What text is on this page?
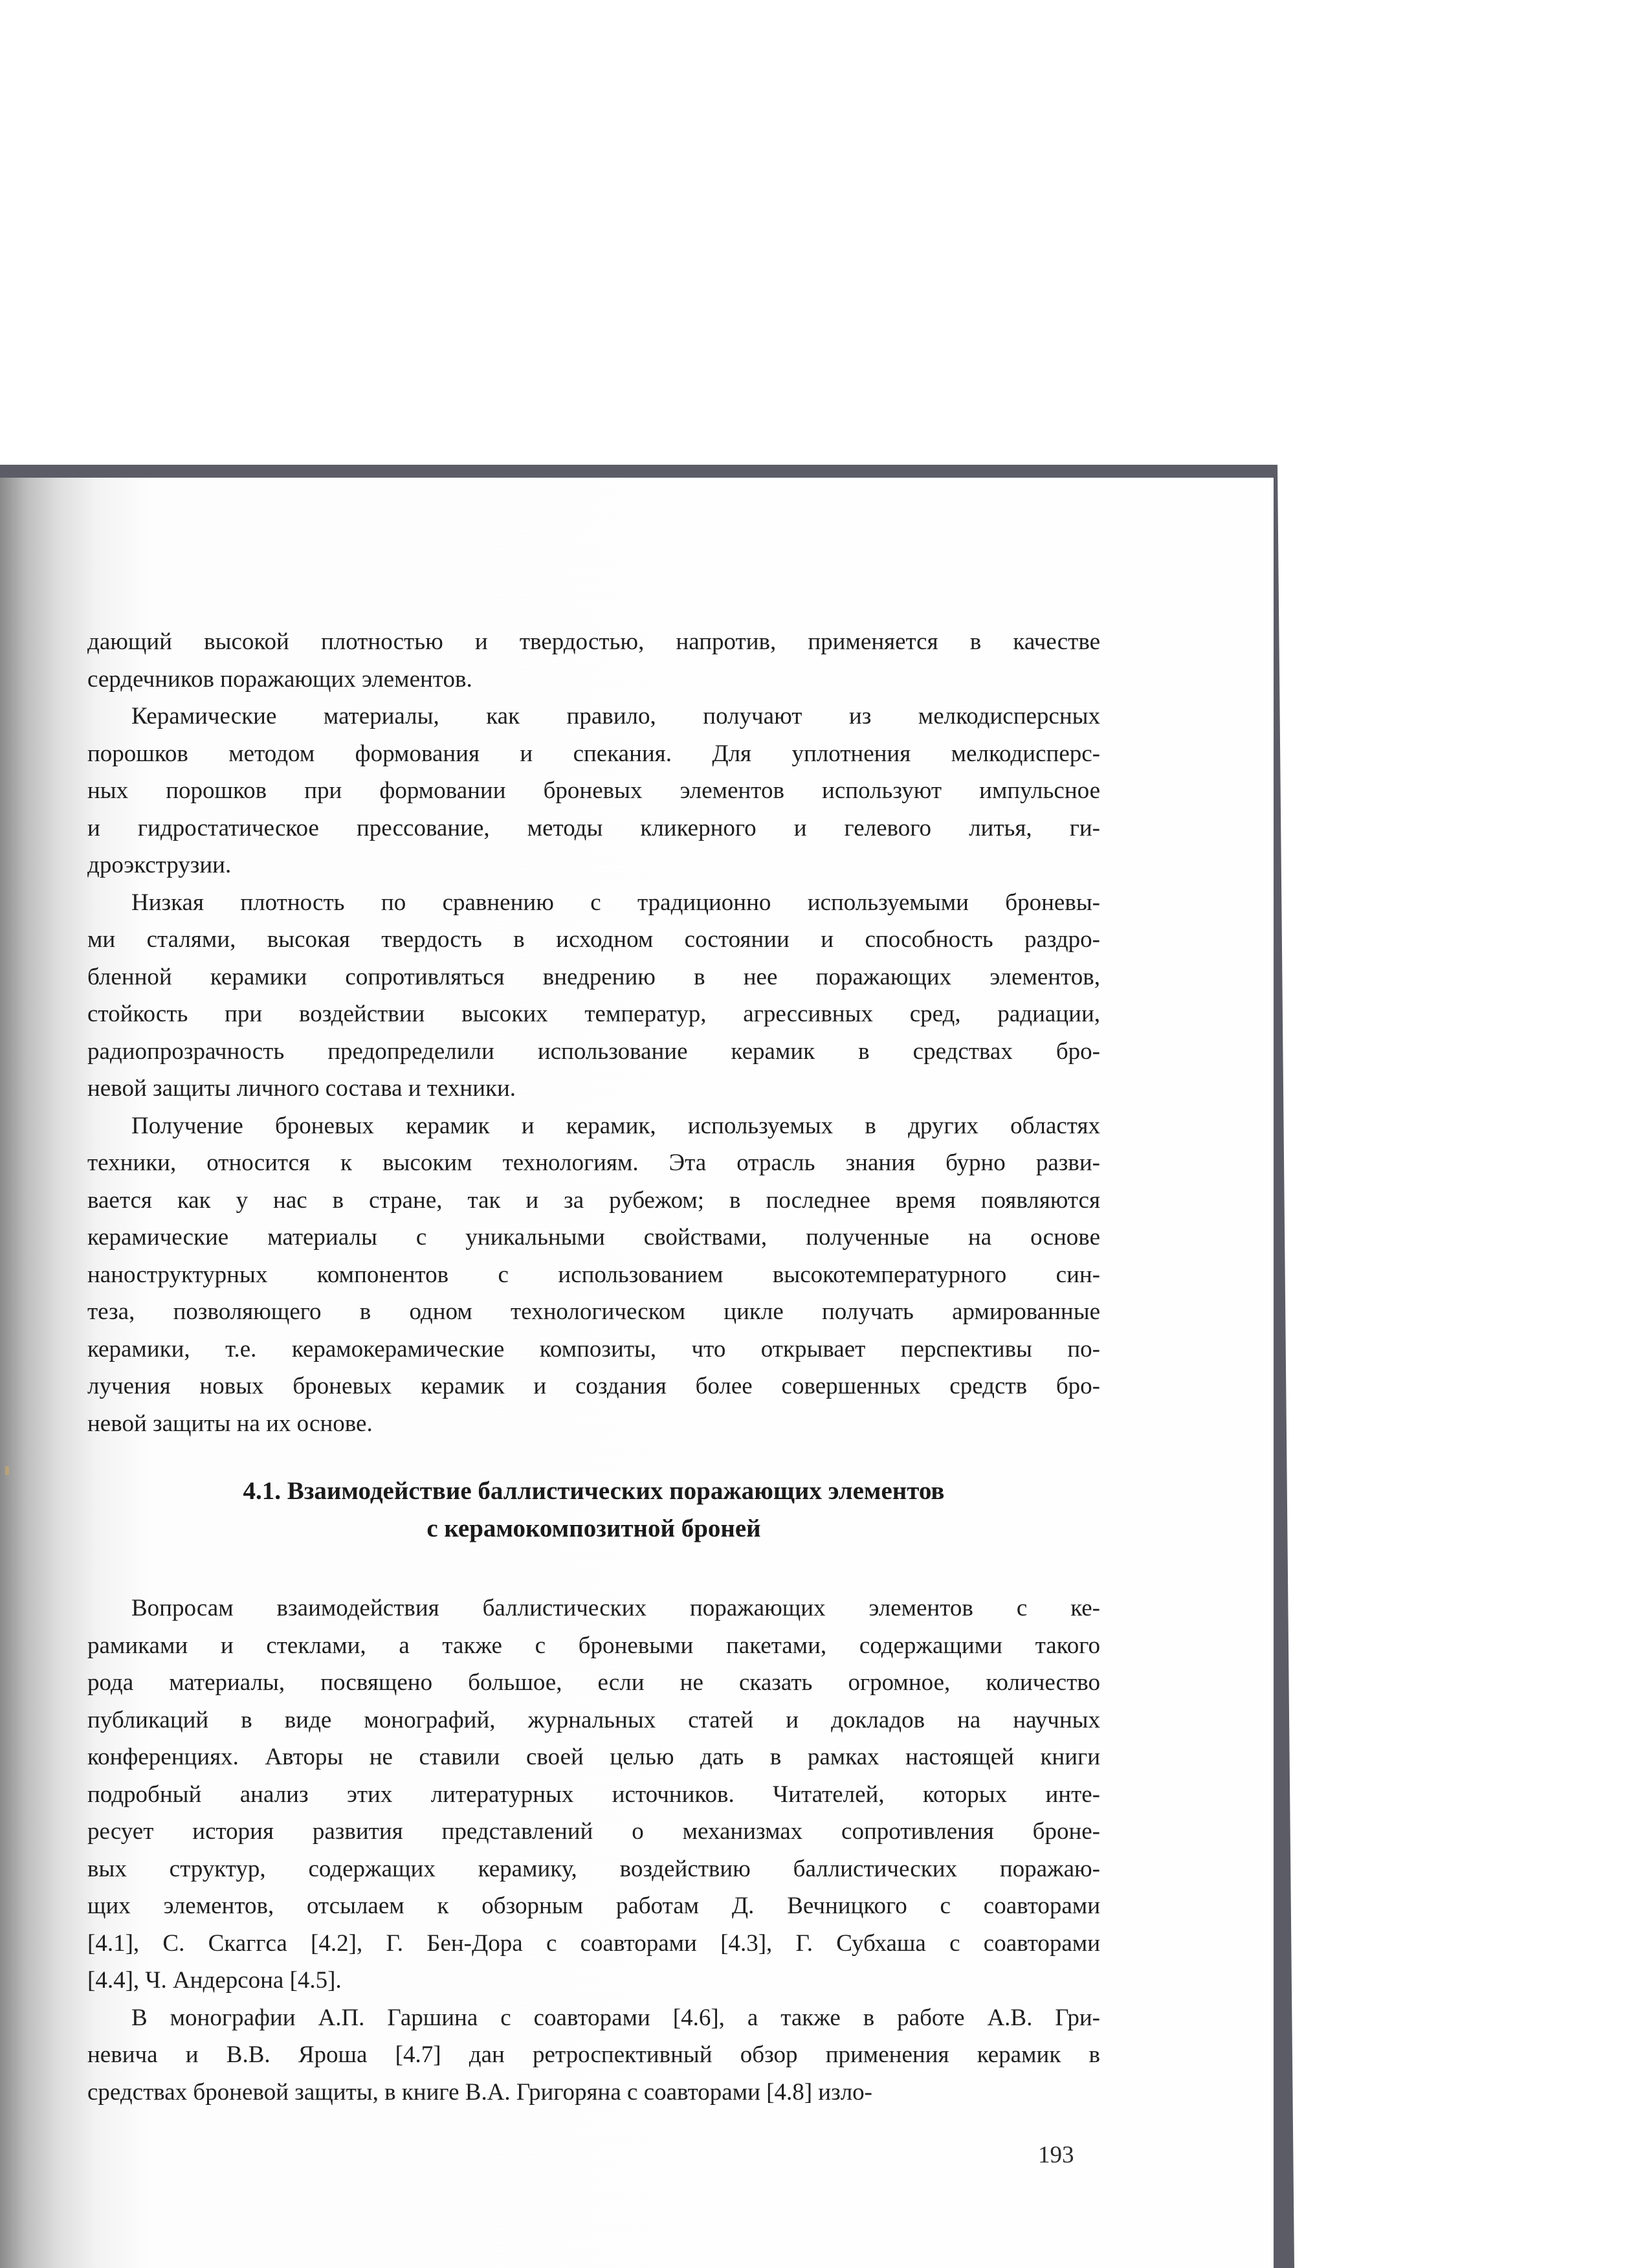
дающий высокой плотностью и твердостью, напротив, применяется в качестве
сердечников поражающих элементов.
Керамические материалы, как правило, получают из мелкодисперсных
порошков методом формования и спекания. Для уплотнения мелкодисперс-
ных порошков при формовании броневых элементов используют импульсное
и гидростатическое прессование, методы кликерного и гелевого литья, ги-
дроэкструзии.
Низкая плотность по сравнению с традиционно используемыми броневы-
ми сталями, высокая твердость в исходном состоянии и способность раздро-
бленной керамики сопротивляться внедрению в нее поражающих элементов,
стойкость при воздействии высоких температур, агрессивных сред, радиации,
радиопрозрачность предопределили использование керамик в средствах бро-
невой защиты личного состава и техники.
Получение броневых керамик и керамик, используемых в других областях
техники, относится к высоким технологиям. Эта отрасль знания бурно разви-
вается как у нас в стране, так и за рубежом; в последнее время появляются
керамические материалы с уникальными свойствами, полученные на основе
наноструктурных компонентов с использованием высокотемпературного син-
теза, позволяющего в одном технологическом цикле получать армированные
керамики, т.е. керамокерамические композиты, что открывает перспективы по-
лучения новых броневых керамик и создания более совершенных средств бро-
невой защиты на их основе.
4.1. Взаимодействие баллистических поражающих элементов
с керамокомпозитной броней
Вопросам взаимодействия баллистических поражающих элементов с ке-
рамиками и стеклами, а также с броневыми пакетами, содержащими такого
рода материалы, посвящено большое, если не сказать огромное, количество
публикаций в виде монографий, журнальных статей и докладов на научных
конференциях. Авторы не ставили своей целью дать в рамках настоящей книги
подробный анализ этих литературных источников. Читателей, которых инте-
ресует история развития представлений о механизмах сопротивления броне-
вых структур, содержащих керамику, воздействию баллистических поражаю-
щих элементов, отсылаем к обзорным работам Д. Вечницкого с соавторами
[4.1], С. Скаггса [4.2], Г. Бен-Дора с соавторами [4.3], Г. Субхаша с соавторами
[4.4], Ч. Андерсона [4.5].
В монографии А.П. Гаршина с соавторами [4.6], а также в работе А.В. Гри-
невича и В.В. Яроша [4.7] дан ретроспективный обзор применения керамик в
средствах броневой защиты, в книге В.А. Григоряна с соавторами [4.8] изло-
193
